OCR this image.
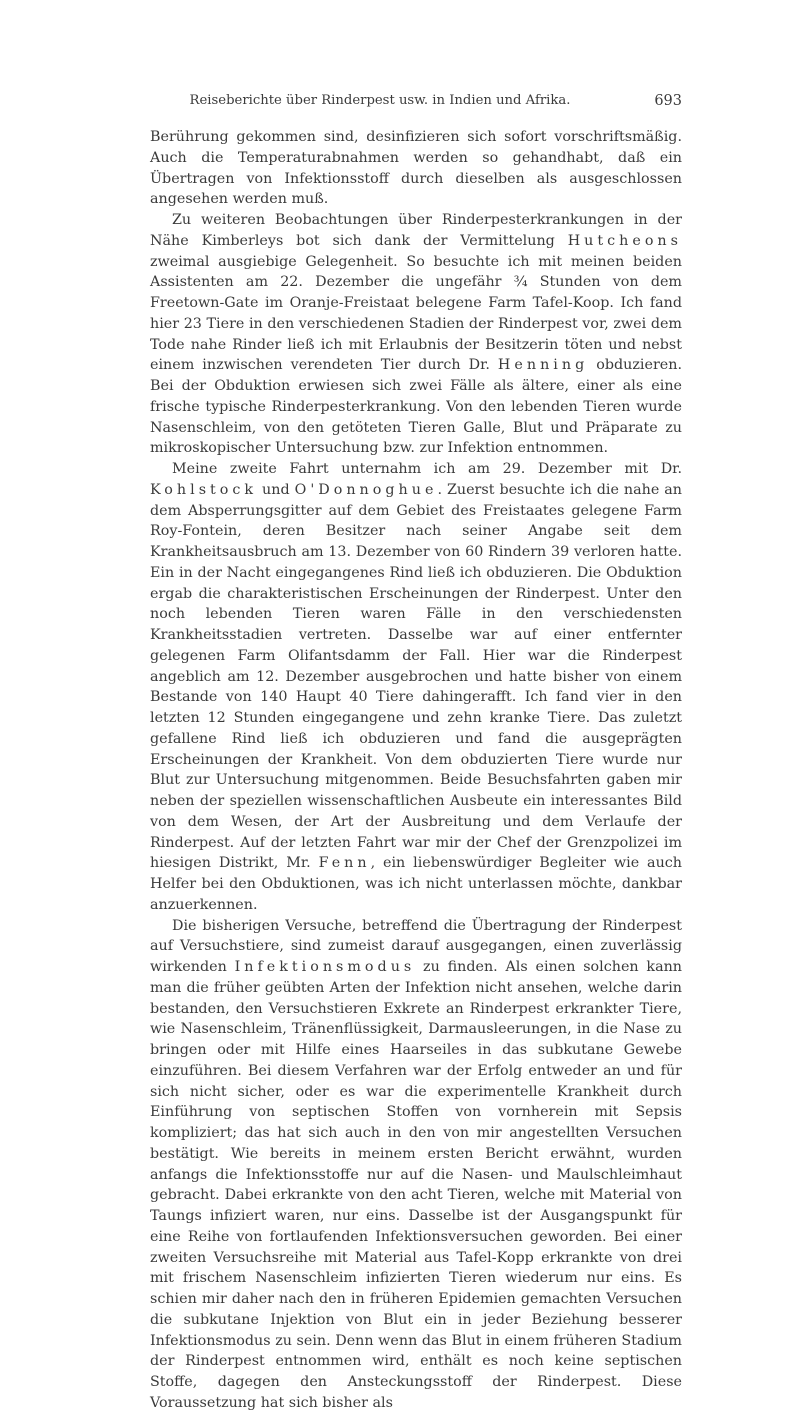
Reiseberichte über Rinderpest usw. in Indien und Afrika.	693

Berührung gekommen sind, desinfizieren sich sofort vorschriftsmäßig. Auch die Temperaturabnahmen werden so gehandhabt, daß ein Übertragen von Infektionsstoff durch dieselben als ausgeschlossen angesehen werden muß.

Zu weiteren Beobachtungen über Rinderpesterkrankungen in der Nähe Kimberleys bot sich dank der Vermittelung Hutcheons zweimal ausgiebige Gelegenheit. So besuchte ich mit meinen beiden Assistenten am 22. Dezember die ungefähr ¾ Stunden von dem Freetown-Gate im Oranje-Freistaat belegene Farm Tafel-Koop. Ich fand hier 23 Tiere in den verschiedenen Stadien der Rinderpest vor, zwei dem Tode nahe Rinder ließ ich mit Erlaubnis der Besitzerin töten und nebst einem inzwischen verendeten Tier durch Dr. Henning obduzieren. Bei der Obduktion erwiesen sich zwei Fälle als ältere, einer als eine frische typische Rinderpesterkrankung. Von den lebenden Tieren wurde Nasenschleim, von den getöteten Tieren Galle, Blut und Präparate zu mikroskopischer Untersuchung bzw. zur Infektion entnommen.

Meine zweite Fahrt unternahm ich am 29. Dezember mit Dr. Kohlstock und O'Donnoghue. Zuerst besuchte ich die nahe an dem Absperrungsgitter auf dem Gebiet des Freistaates gelegene Farm Roy-Fontein, deren Besitzer nach seiner Angabe seit dem Krankheitsausbruch am 13. Dezember von 60 Rindern 39 verloren hatte. Ein in der Nacht eingegangenes Rind ließ ich obduzieren. Die Obduktion ergab die charakteristischen Erscheinungen der Rinderpest. Unter den noch lebenden Tieren waren Fälle in den verschiedensten Krankheitsstadien vertreten. Dasselbe war auf einer entfernter gelegenen Farm Olifantsdamm der Fall. Hier war die Rinderpest angeblich am 12. Dezember ausgebrochen und hatte bisher von einem Bestande von 140 Haupt 40 Tiere dahingerafft. Ich fand vier in den letzten 12 Stunden eingegangene und zehn kranke Tiere. Das zuletzt gefallene Rind ließ ich obduzieren und fand die ausgeprägten Erscheinungen der Krankheit. Von dem obduzierten Tiere wurde nur Blut zur Untersuchung mitgenommen. Beide Besuchsfahrten gaben mir neben der speziellen wissenschaftlichen Ausbeute ein interessantes Bild von dem Wesen, der Art der Ausbreitung und dem Verlaufe der Rinderpest. Auf der letzten Fahrt war mir der Chef der Grenzpolizei im hiesigen Distrikt, Mr. Fenn, ein liebenswürdiger Begleiter wie auch Helfer bei den Obduktionen, was ich nicht unterlassen möchte, dankbar anzuerkennen.

Die bisherigen Versuche, betreffend die Übertragung der Rinderpest auf Versuchstiere, sind zumeist darauf ausgegangen, einen zuverlässig wirkenden Infektionsmodus zu finden. Als einen solchen kann man die früher geübten Arten der Infektion nicht ansehen, welche darin bestanden, den Versuchstieren Exkrete an Rinderpest erkrankter Tiere, wie Nasenschleim, Tränenflüssigkeit, Darmausleerungen, in die Nase zu bringen oder mit Hilfe eines Haarseiles in das subkutane Gewebe einzuführen. Bei diesem Verfahren war der Erfolg entweder an und für sich nicht sicher, oder es war die experimentelle Krankheit durch Einführung von septischen Stoffen von vornherein mit Sepsis kompliziert; das hat sich auch in den von mir angestellten Versuchen bestätigt. Wie bereits in meinem ersten Bericht erwähnt, wurden anfangs die Infektionsstoffe nur auf die Nasen- und Maulschleimhaut gebracht. Dabei erkrankte von den acht Tieren, welche mit Material von Taungs infiziert waren, nur eins. Dasselbe ist der Ausgangspunkt für eine Reihe von fortlaufenden Infektionsversuchen geworden. Bei einer zweiten Versuchsreihe mit Material aus Tafel-Kopp erkrankte von drei mit frischem Nasenschleim infizierten Tieren wiederum nur eins. Es schien mir daher nach den in früheren Epidemien gemachten Versuchen die subkutane Injektion von Blut ein in jeder Beziehung besserer Infektionsmodus zu sein. Denn wenn das Blut in einem früheren Stadium der Rinderpest entnommen wird, enthält es noch keine septischen Stoffe, dagegen den Ansteckungsstoff der Rinderpest. Diese Voraussetzung hat sich bisher als
